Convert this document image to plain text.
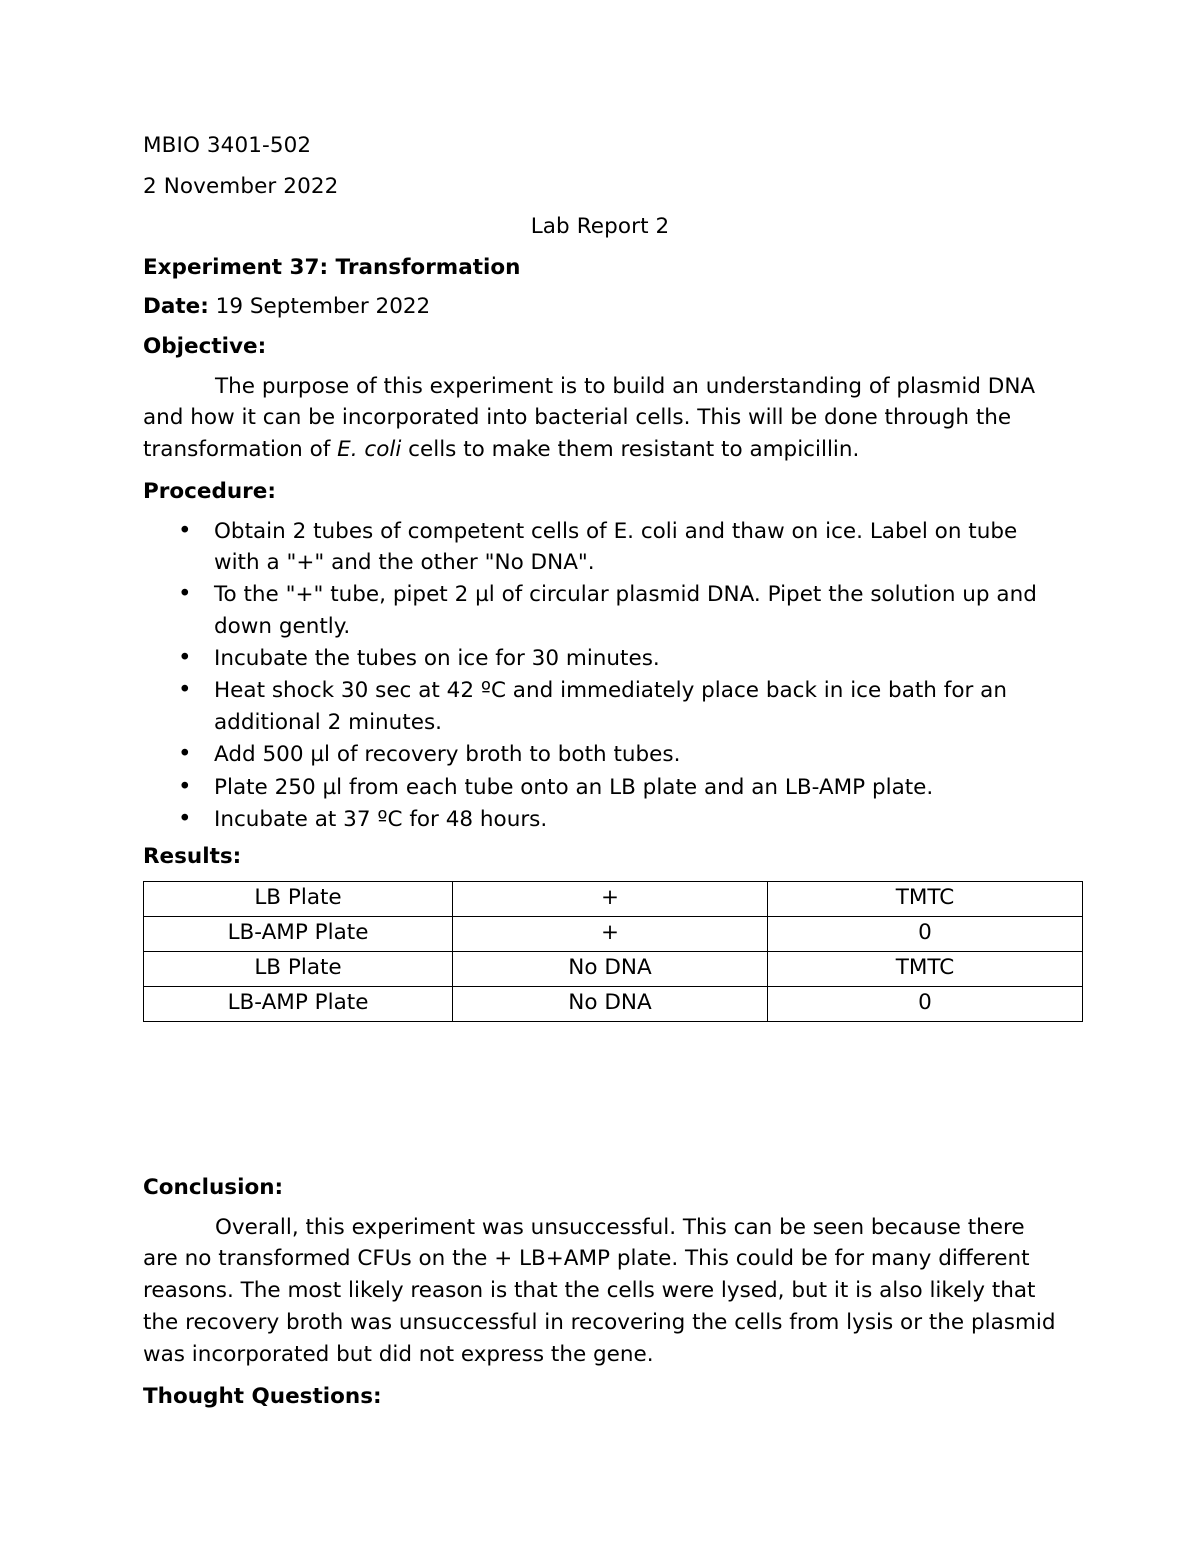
MBIO 3401-502

2 November 2022

Lab Report 2

Experiment 37: Transformation

Date: 19 September 2022

Objective:

The purpose of this experiment is to build an understanding of plasmid DNA and how it can be incorporated into bacterial cells. This will be done through the transformation of E. coli cells to make them resistant to ampicillin.

Procedure:

• Obtain 2 tubes of competent cells of E. coli and thaw on ice. Label on tube with a "+" and the other "No DNA".
• To the "+" tube, pipet 2 µl of circular plasmid DNA. Pipet the solution up and down gently.
• Incubate the tubes on ice for 30 minutes.
• Heat shock 30 sec at 42 ºC and immediately place back in ice bath for an additional 2 minutes.
• Add 500 µl of recovery broth to both tubes.
• Plate 250 µl from each tube onto an LB plate and an LB-AMP plate.
• Incubate at 37 ºC for 48 hours.

Results:

LB Plate	+	TMTC
LB-AMP Plate	+	0
LB Plate	No DNA	TMTC
LB-AMP Plate	No DNA	0

Conclusion:

Overall, this experiment was unsuccessful. This can be seen because there are no transformed CFUs on the + LB+AMP plate. This could be for many different reasons. The most likely reason is that the cells were lysed, but it is also likely that the recovery broth was unsuccessful in recovering the cells from lysis or the plasmid was incorporated but did not express the gene.

Thought Questions:
